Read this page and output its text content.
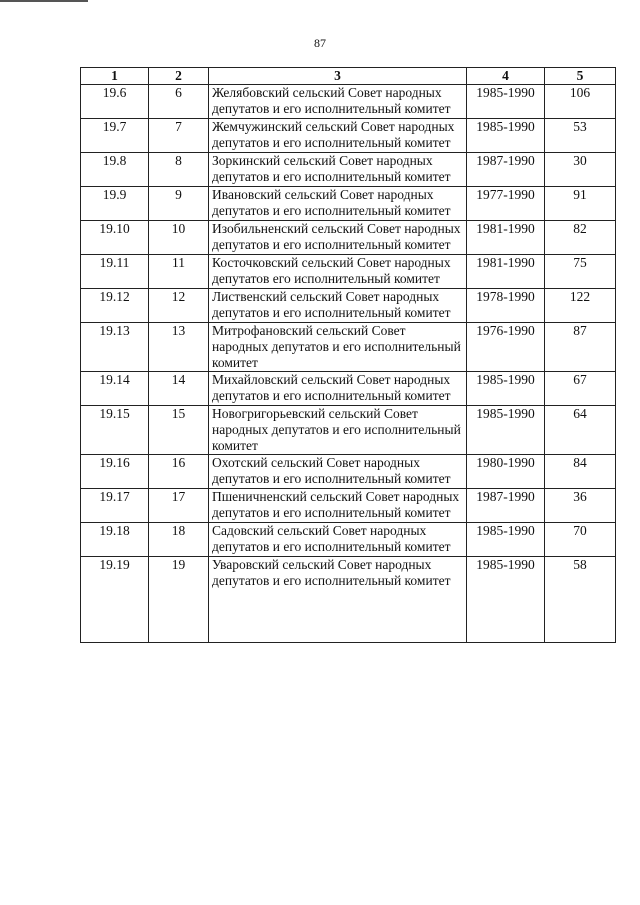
87
1	2	3	4	5
19.6	6	Желябовский сельский Совет народных депутатов и его исполнительный комитет	1985-1990	106
19.7	7	Жемчужинский сельский Совет народных депутатов и его исполнительный комитет	1985-1990	53
19.8	8	Зоркинский сельский Совет народных депутатов и его исполнительный комитет	1987-1990	30
19.9	9	Ивановский сельский Совет народных депутатов и его исполнительный комитет	1977-1990	91
19.10	10	Изобильненский сельский Совет народных депутатов и его исполнительный комитет	1981-1990	82
19.11	11	Косточковский сельский Совет народных депутатов его исполнительный комитет	1981-1990	75
19.12	12	Лиственский сельский Совет народных депутатов и его исполнительный комитет	1978-1990	122
19.13	13	Митрофановский сельский Совет народных депутатов и его исполнительный комитет	1976-1990	87
19.14	14	Михайловский сельский Совет народных депутатов и его исполнительный комитет	1985-1990	67
19.15	15	Новогригорьевский сельский Совет народных депутатов и его исполнительный комитет	1985-1990	64
19.16	16	Охотский сельский Совет народных депутатов и его исполнительный комитет	1980-1990	84
19.17	17	Пшеничненский сельский Совет народных депутатов и его исполнительный комитет	1987-1990	36
19.18	18	Садовский сельский Совет народных депутатов и его исполнительный комитет	1985-1990	70
19.19	19	Уваровский сельский Совет народных депутатов и его исполнительный комитет	1985-1990	58
